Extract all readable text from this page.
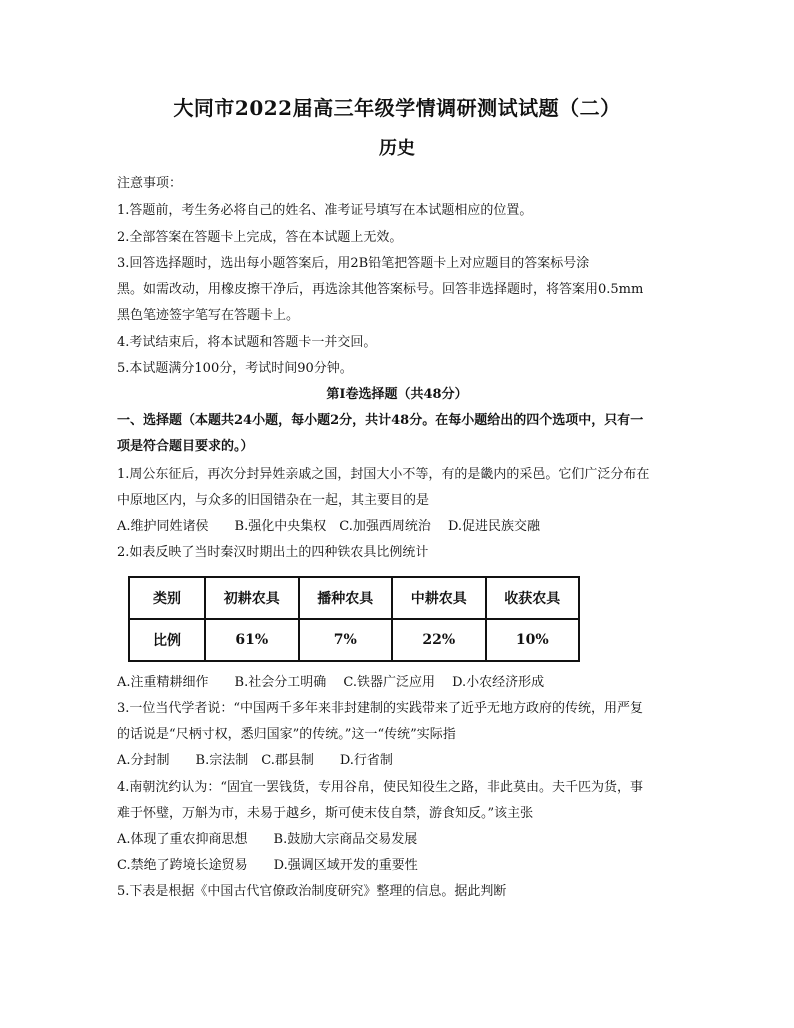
大同市2022届高三年级学情调研测试试题（二）
历史
注意事项：
1.答题前，考生务必将自己的姓名、准考证号填写在本试题相应的位置。
2.全部答案在答题卡上完成，答在本试题上无效。
3.回答选择题时，选出每小题答案后，用2B铅笔把答题卡上对应题目的答案标号涂
黑。如需改动，用橡皮擦干净后，再选涂其他答案标号。回答非选择题时，将答案用0.5mm
黑色笔迹签字笔写在答题卡上。
4.考试结束后，将本试题和答题卡一并交回。
5.本试题满分100分，考试时间90分钟。
第Ⅰ卷选择题（共48分）
一、选择题（本题共24小题，每小题2分，共计48分。在每小题给出的四个选项中，只有一
项是符合题目要求的。）
1.周公东征后，再次分封异姓亲戚之国，封国大小不等，有的是畿内的采邑。它们广泛分布在
中原地区内，与众多的旧国错杂在一起，其主要目的是
A.维护同姓诸侯　　B.强化中央集权　C.加强西周统治　 D.促进民族交融
2.如表反映了当时秦汉时期出土的四种铁农具比例统计
类别	初耕农具	播种农具	中耕农具	收获农具
比例	61%	7%	22%	10%
A.注重精耕细作　　B.社会分工明确　 C.铁器广泛应用　 D.小农经济形成
3.一位当代学者说：“中国两千多年来非封建制的实践带来了近乎无地方政府的传统，用严复
的话说是“尺柄寸权，悉归国家”的传统。”这一“传统”实际指
A.分封制　　B.宗法制　C.郡县制　　D.行省制
4.南朝沈约认为：“固宜一罢钱货，专用谷帛，使民知役生之路，非此莫由。夫千匹为货，事
难于怀璧，万斛为市，未易于越乡，斯可使末伎自禁，游食知反。”该主张
A.体现了重农抑商思想　　B.鼓励大宗商品交易发展
C.禁绝了跨境长途贸易　　D.强调区域开发的重要性
5.下表是根据《中国古代官僚政治制度研究》整理的信息。据此判断
